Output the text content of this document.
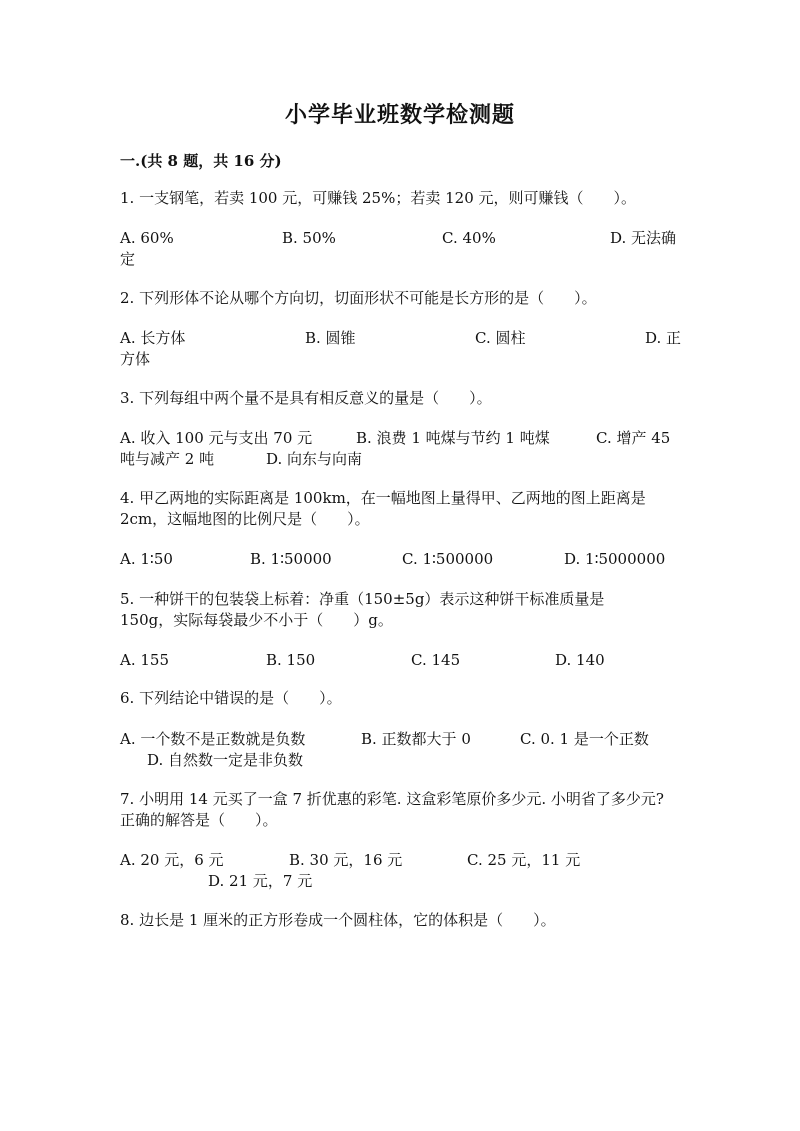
小学毕业班数学检测题
一.(共 8 题，共 16 分)
1. 一支钢笔，若卖 100 元，可赚钱 25%；若卖 120 元，则可赚钱（　　）。
A. 60%	B. 50%	C. 40%	D. 无法确
定
2. 下列形体不论从哪个方向切，切面形状不可能是长方形的是（　　）。
A. 长方体	B. 圆锥	C. 圆柱	D. 正
方体
3. 下列每组中两个量不是具有相反意义的量是（　　）。
A. 收入 100 元与支出 70 元	B. 浪费 1 吨煤与节约 1 吨煤	C. 增产 45
吨与减产 2 吨	D. 向东与向南
4. 甲乙两地的实际距离是 100km，在一幅地图上量得甲、乙两地的图上距离是
2cm，这幅地图的比例尺是（　　）。
A. 1∶50	B. 1∶50000	C. 1∶500000	D. 1∶5000000
5. 一种饼干的包装袋上标着：净重（150±5g）表示这种饼干标准质量是
150g，实际每袋最少不小于（　　）g。
A. 155	B. 150	C. 145	D. 140
6. 下列结论中错误的是（　　）。
A. 一个数不是正数就是负数	B. 正数都大于 0	C. 0. 1 是一个正数
D. 自然数一定是非负数
7. 小明用 14 元买了一盒 7 折优惠的彩笔. 这盒彩笔原价多少元. 小明省了多少元?
正确的解答是（　　）。
A. 20 元，6 元	B. 30 元，16 元	C. 25 元，11 元
D. 21 元，7 元
8. 边长是 1 厘米的正方形卷成一个圆柱体，它的体积是（　　）。
